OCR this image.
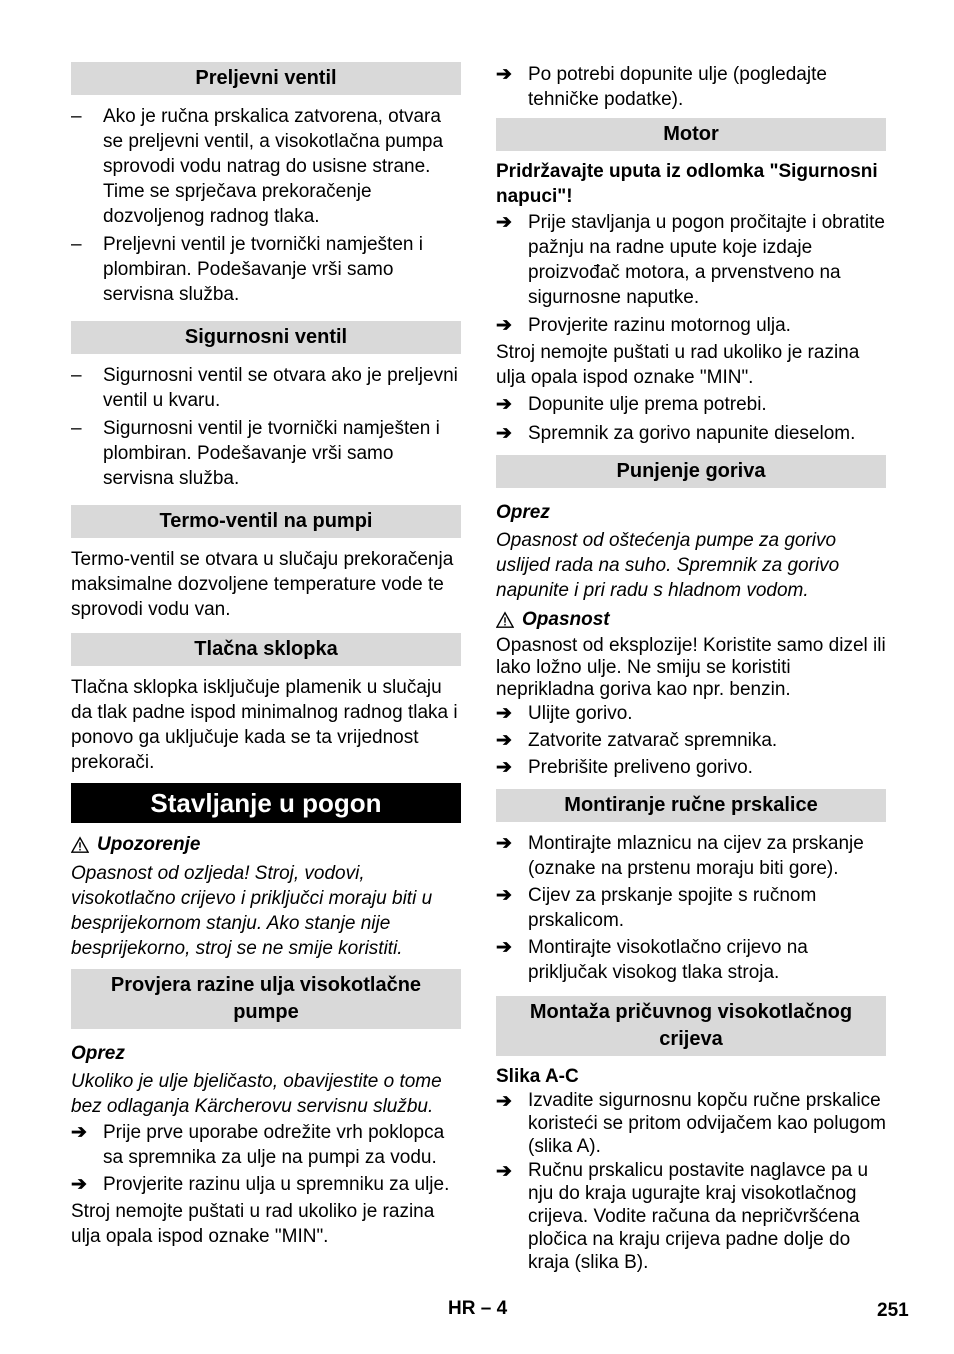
Preljevni ventil
–	Ako je ručna prskalica zatvorena, otvara se preljevni ventil, a visokotlačna pumpa sprovodi vodu natrag do usisne strane. Time se sprječava prekoračenje dozvoljenog radnog tlaka.

–	Preljevni ventil je tvornički namješten i plombiran. Podešavanje vrši samo servisna služba.

Sigurnosni ventil
–	Sigurnosni ventil se otvara ako je preljevni ventil u kvaru.

–	Sigurnosni ventil je tvornički namješten i plombiran. Podešavanje vrši samo servisna služba.

Termo-ventil na pumpi

Termo-ventil se otvara u slučaju prekoračenja maksimalne dozvoljene temperature vode te sprovodi vodu van.

Tlačna sklopka

Tlačna sklopka isključuje plamenik u slučaju da tlak padne ispod minimalnog radnog tlaka i ponovo ga uključuje kada se ta vrijednost prekorači.

Stavljanje u pogon
Upozorenje

Opasnost od ozljeda! Stroj, vodovi, visokotlačno crijevo i priključci moraju biti u besprijekornom stanju. Ako stanje nije besprijekorno, stroj se ne smije koristiti.

Provjera razine ulja visokotlačne pumpe

Oprez

Ukoliko je ulje bjeličasto, obavijestite o tome bez odlaganja Kärcherovu servisnu službu.

➔ Prije prve uporabe odrežite vrh poklopca sa spremnika za ulje na pumpi za vodu.

➔ Provjerite razinu ulja u spremniku za ulje.

Stroj nemojte puštati u rad ukoliko je razina ulja opala ispod oznake "MIN".

➔ Po potrebi dopunite ulje (pogledajte tehničke podatke).

Motor

Pridržavajte uputa iz odlomka "Sigurnosni napuci"!

➔ Prije stavljanja u pogon pročitajte i obratite pažnju na radne upute koje izdaje proizvođač motora, a prvenstveno na sigurnosne naputke.

➔ Provjerite razinu motornog ulja.

Stroj nemojte puštati u rad ukoliko je razina ulja opala ispod oznake "MIN".

➔ Dopunite ulje prema potrebi.

➔ Spremnik za gorivo napunite dieselom.

Punjenje goriva

Oprez

Opasnost od oštećenja pumpe za gorivo uslijed rada na suho. Spremnik za gorivo napunite i pri radu s hladnom vodom.

Opasnost

Opasnost od eksplozije! Koristite samo dizel ili lako ložno ulje. Ne smiju se koristiti neprikladna goriva kao npr. benzin.

➔ Ulijte gorivo.

➔ Zatvorite zatvarač spremnika.

➔ Prebrišite preliveno gorivo.

Montiranje ručne prskalice
➔ Montirajte mlaznicu na cijev za prskanje (oznake na prstenu moraju biti gore).

➔ Cijev za prskanje spojite s ručnom prskalicom.

➔ Montirajte visokotlačno crijevo na priključak visokog tlaka stroja.

Montaža pričuvnog visokotlačnog crijeva

Slika A-C

➔ Izvadite sigurnosnu kopču ručne prskalice koristeći se pritom odvijačem kao polugom (slika A).

➔ Ručnu prskalicu postavite naglavce pa u nju do kraja ugurajte kraj visokotlačnog crijeva. Vodite računa da nepričvršćena pločica na kraju crijeva padne dolje do kraja (slika B).

HR – 4	251
